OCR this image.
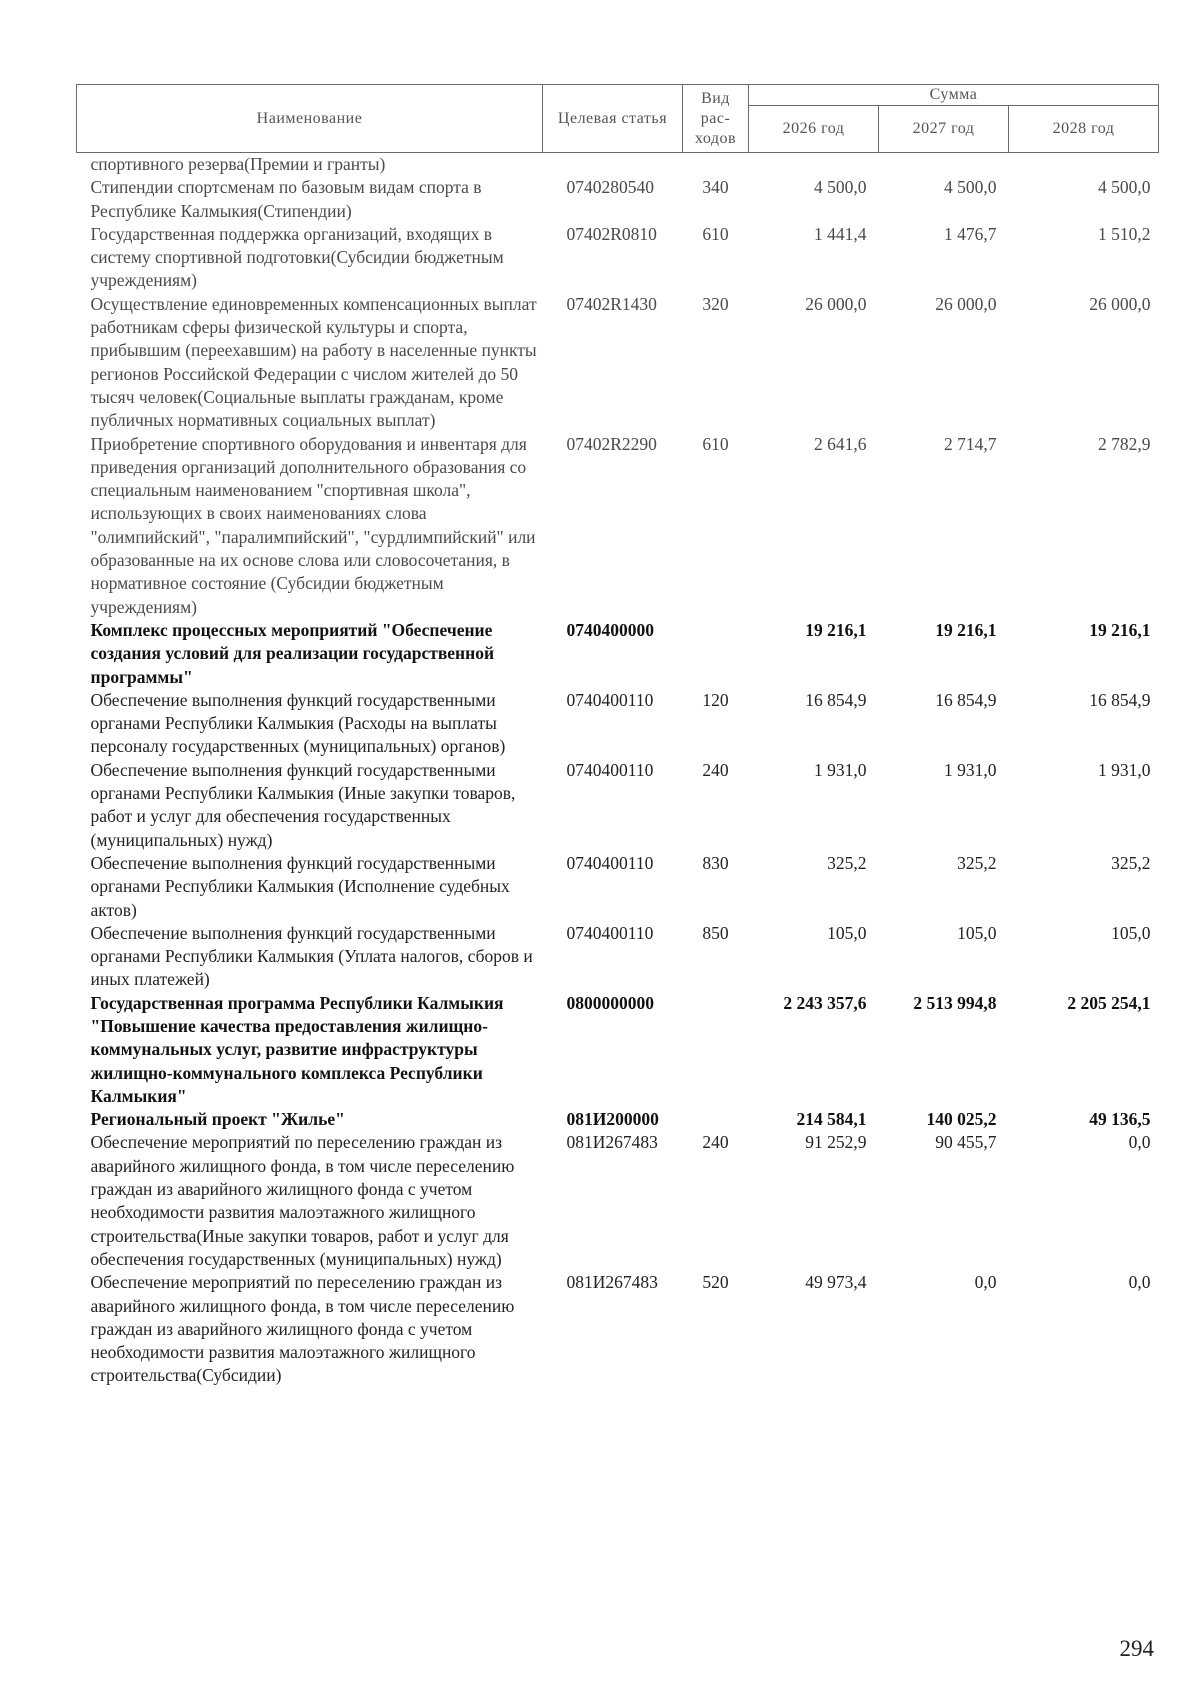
Наименование	Целевая статья	Вид рас-ходов	Сумма		
			2026 год	2027 год	2028 год
спортивного резерва(Премии и гранты)					
Стипендии спортсменам по базовым видам спорта в Республике Калмыкия(Стипендии)	0740280540	340	4 500,0	4 500,0	4 500,0
Государственная поддержка организаций, входящих в систему спортивной подготовки(Субсидии бюджетным учреждениям)	07402R0810	610	1 441,4	1 476,7	1 510,2
Осуществление единовременных компенсационных выплат работникам сферы физической культуры и спорта, прибывшим (переехавшим) на работу в населенные пункты регионов Российской Федерации с числом жителей до 50 тысяч человек(Социальные выплаты гражданам, кроме публичных нормативных социальных выплат)	07402R1430	320	26 000,0	26 000,0	26 000,0
Приобретение спортивного оборудования и инвентаря для приведения организаций дополнительного образования со специальным наименованием "спортивная школа", использующих в своих наименованиях слова "олимпийский", "паралимпийский", "сурдлимпийский" или образованные на их основе слова или словосочетания, в нормативное состояние (Субсидии бюджетным учреждениям)	07402R2290	610	2 641,6	2 714,7	2 782,9
Комплекс процессных мероприятий "Обеспечение создания условий для реализации государственной программы"	0740400000		19 216,1	19 216,1	19 216,1
Обеспечение выполнения функций государственными органами Республики Калмыкия (Расходы на выплаты персоналу государственных (муниципальных) органов)	0740400110	120	16 854,9	16 854,9	16 854,9
Обеспечение выполнения функций государственными органами Республики Калмыкия (Иные закупки товаров, работ и услуг для обеспечения государственных (муниципальных) нужд)	0740400110	240	1 931,0	1 931,0	1 931,0
Обеспечение выполнения функций государственными органами Республики Калмыкия (Исполнение судебных актов)	0740400110	830	325,2	325,2	325,2
Обеспечение выполнения функций государственными органами Республики Калмыкия (Уплата налогов, сборов и иных платежей)	0740400110	850	105,0	105,0	105,0
Государственная программа Республики Калмыкия "Повышение качества предоставления жилищно-коммунальных услуг, развитие инфраструктуры жилищно-коммунального комплекса Республики Калмыкия"	0800000000		2 243 357,6	2 513 994,8	2 205 254,1
Региональный проект "Жилье"	081И200000		214 584,1	140 025,2	49 136,5
Обеспечение мероприятий по переселению граждан из аварийного жилищного фонда, в том числе переселению граждан из аварийного жилищного фонда с учетом необходимости развития малоэтажного жилищного строительства(Иные закупки товаров, работ и услуг для обеспечения государственных (муниципальных) нужд)	081И267483	240	91 252,9	90 455,7	0,0
Обеспечение мероприятий по переселению граждан из аварийного жилищного фонда, в том числе переселению граждан из аварийного жилищного фонда с учетом необходимости развития малоэтажного жилищного строительства(Субсидии)	081И267483	520	49 973,4	0,0	0,0
294
